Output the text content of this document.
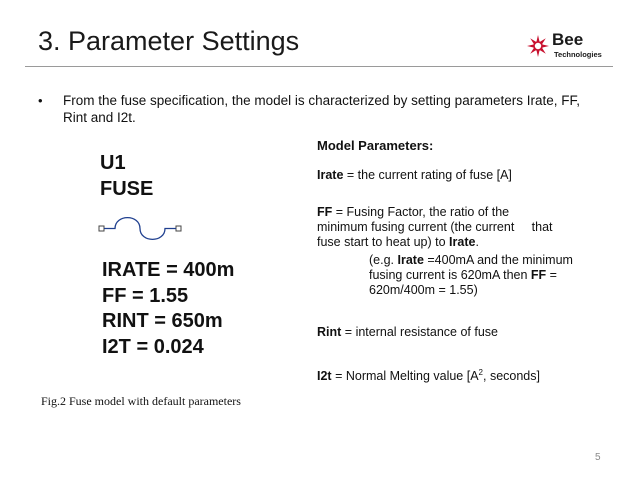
3. Parameter Settings	Bee
Technologies
• From the fuse specification, the model is characterized by setting parameters Irate, FF,
Rint and I2t.
U1
FUSE
IRATE = 400m
FF = 1.55
RINT = 650m
I2T = 0.024
Fig.2 Fuse model with default parameters
Model Parameters:
Irate = the current rating of fuse [A]
FF = Fusing Factor, the ratio of the
minimum fusing current (the current     that
fuse start to heat up) to Irate.
(e.g. Irate =400mA and the minimum
fusing current is 620mA then FF =
620m/400m = 1.55)
Rint = internal resistance of fuse
I2t = Normal Melting value [$A^2$, seconds]
5
